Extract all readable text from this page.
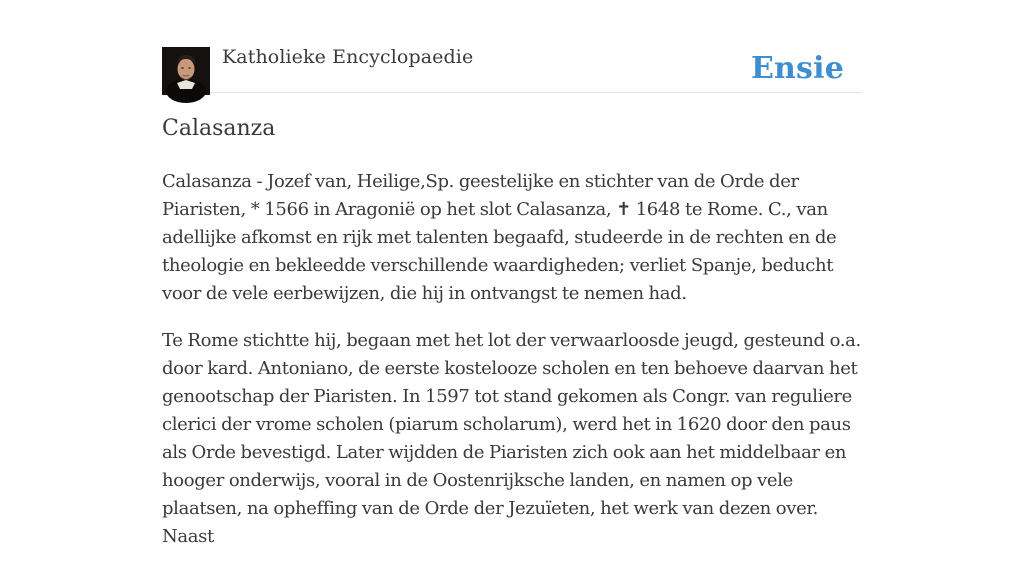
Katholieke Encyclopaedie	Ensie
Calasanza

Calasanza - Jozef van, Heilige,Sp. geestelijke en stichter van de Orde der Piaristen, * 1566 in Aragonië op het slot Calasanza, ✝ 1648 te Rome. C., van adellijke afkomst en rijk met talenten begaafd, studeerde in de rechten en de theologie en bekleedde verschillende waardigheden; verliet Spanje, beducht voor de vele eerbewijzen, die hij in ontvangst te nemen had.

Te Rome stichtte hij, begaan met het lot der verwaarloosde jeugd, gesteund o.a. door kard. Antoniano, de eerste kostelooze scholen en ten behoeve daarvan het genootschap der Piaristen. In 1597 tot stand gekomen als Congr. van reguliere clerici der vrome scholen (piarum scholarum), werd het in 1620 door den paus als Orde bevestigd. Later wijdden de Piaristen zich ook aan het middelbaar en hooger onderwijs, vooral in de Oostenrijksche landen, en namen op vele plaatsen, na opheffing van de Orde der Jezuïeten, het werk van dezen over. Naast
